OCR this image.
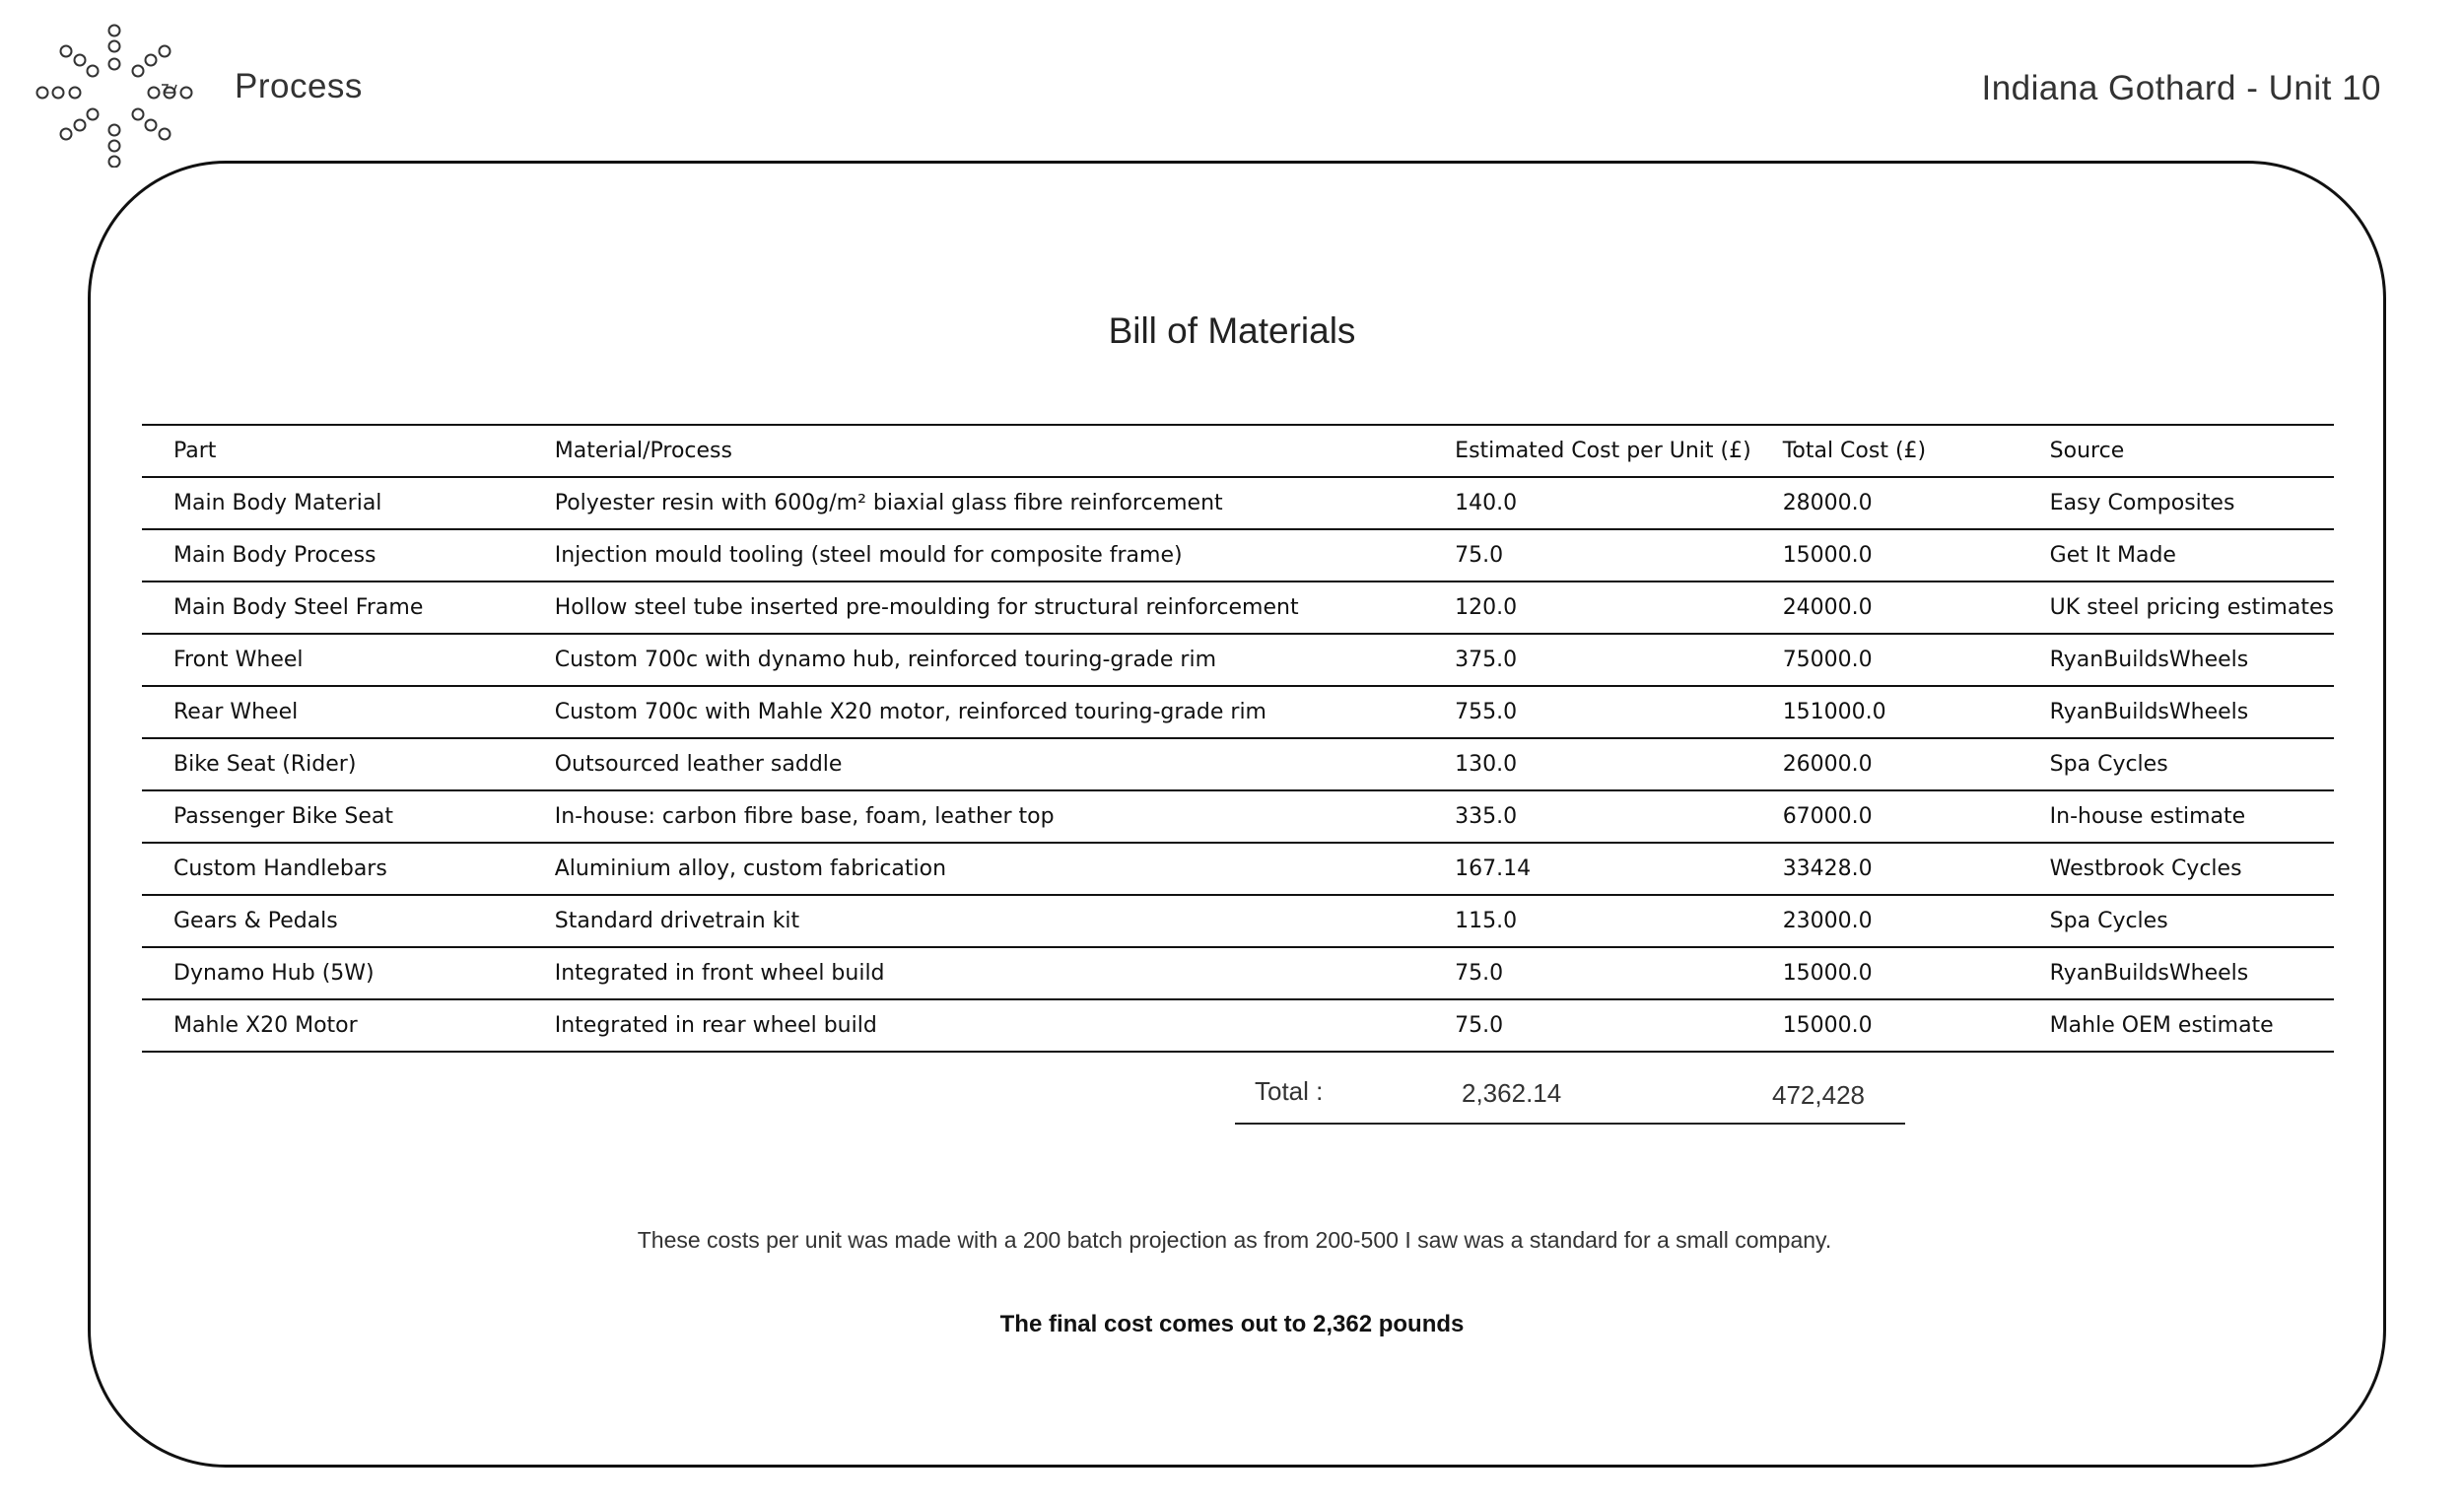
Process	Indiana Gothard - Unit 10
Bill of Materials
Part	Material/Process	Estimated Cost per Unit (£)	Total Cost (£)	Source
Main Body Material	Polyester resin with 600g/m² biaxial glass fibre reinforcement	140.0	28000.0	Easy Composites
Main Body Process	Injection mould tooling (steel mould for composite frame)	75.0	15000.0	Get It Made
Main Body Steel Frame	Hollow steel tube inserted pre-moulding for structural reinforcement	120.0	24000.0	UK steel pricing estimates
Front Wheel	Custom 700c with dynamo hub, reinforced touring-grade rim	375.0	75000.0	RyanBuildsWheels
Rear Wheel	Custom 700c with Mahle X20 motor, reinforced touring-grade rim	755.0	151000.0	RyanBuildsWheels
Bike Seat (Rider)	Outsourced leather saddle	130.0	26000.0	Spa Cycles
Passenger Bike Seat	In-house: carbon fibre base, foam, leather top	335.0	67000.0	In-house estimate
Custom Handlebars	Aluminium alloy, custom fabrication	167.14	33428.0	Westbrook Cycles
Gears & Pedals	Standard drivetrain kit	115.0	23000.0	Spa Cycles
Dynamo Hub (5W)	Integrated in front wheel build	75.0	15000.0	RyanBuildsWheels
Mahle X20 Motor	Integrated in rear wheel build	75.0	15000.0	Mahle OEM estimate
Total :	2,362.14	472,428
These costs per unit was made with a 200 batch projection as from 200-500 I saw was a standard for a small company.
The final cost comes out to 2,362 pounds
